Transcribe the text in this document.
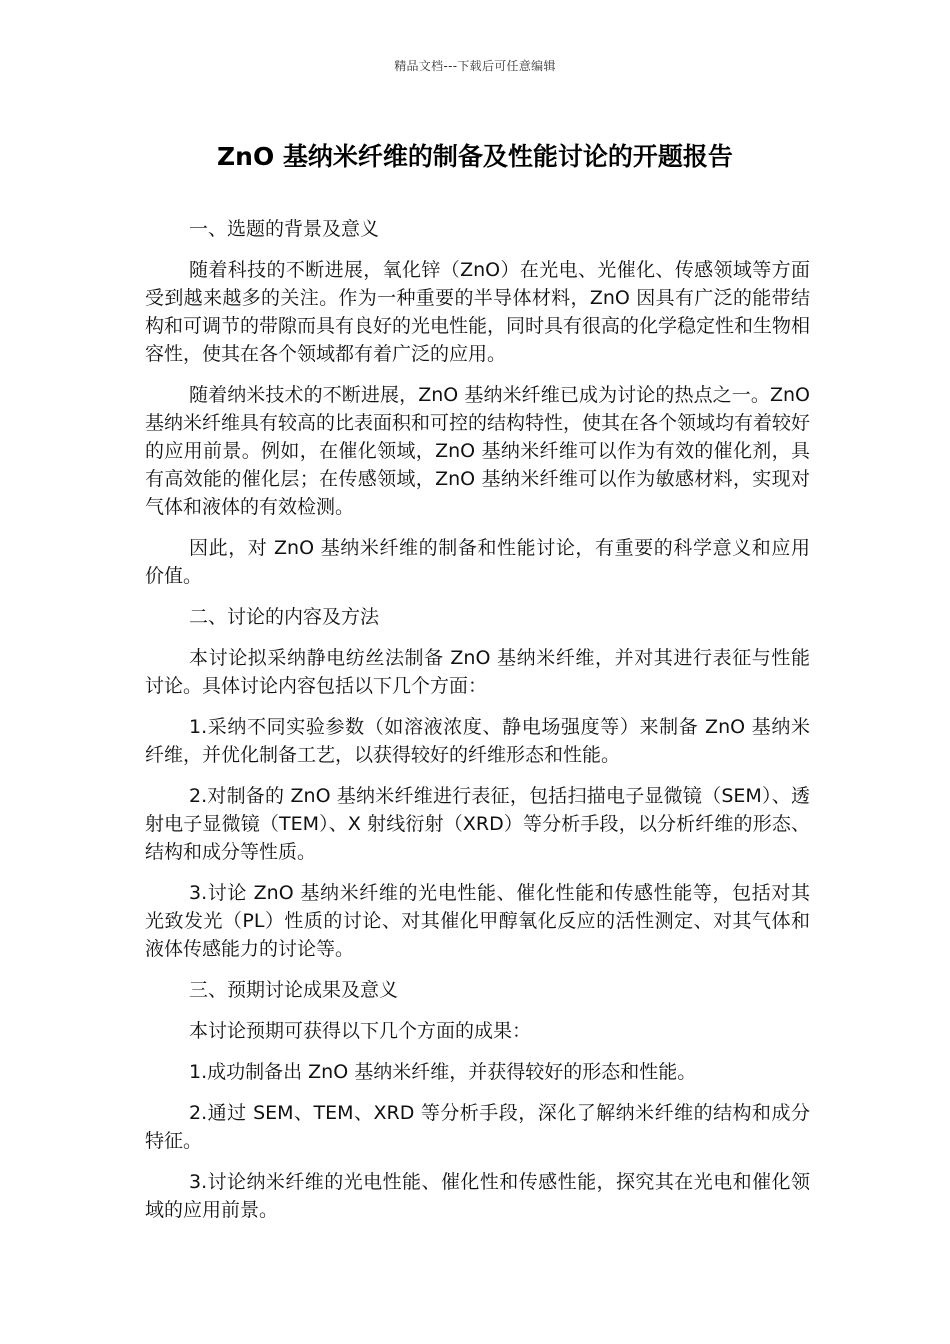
精品文档---下载后可任意编辑
ZnO 基纳米纤维的制备及性能讨论的开题报告
一、选题的背景及意义

随着科技的不断进展，氧化锌（ZnO）在光电、光催化、传感领域等方面受到越来越多的关注。作为一种重要的半导体材料，ZnO 因具有广泛的能带结构和可调节的带隙而具有良好的光电性能，同时具有很高的化学稳定性和生物相容性，使其在各个领域都有着广泛的应用。

随着纳米技术的不断进展，ZnO 基纳米纤维已成为讨论的热点之一。ZnO 基纳米纤维具有较高的比表面积和可控的结构特性，使其在各个领域均有着较好的应用前景。例如，在催化领域，ZnO 基纳米纤维可以作为有效的催化剂，具有高效能的催化层；在传感领域，ZnO 基纳米纤维可以作为敏感材料，实现对气体和液体的有效检测。

因此，对 ZnO 基纳米纤维的制备和性能讨论，有重要的科学意义和应用价值。

二、讨论的内容及方法

本讨论拟采纳静电纺丝法制备 ZnO 基纳米纤维，并对其进行表征与性能讨论。具体讨论内容包括以下几个方面：

1.采纳不同实验参数（如溶液浓度、静电场强度等）来制备 ZnO 基纳米纤维，并优化制备工艺，以获得较好的纤维形态和性能。

2.对制备的 ZnO 基纳米纤维进行表征，包括扫描电子显微镜（SEM）、透射电子显微镜（TEM）、X 射线衍射（XRD）等分析手段，以分析纤维的形态、结构和成分等性质。

3.讨论 ZnO 基纳米纤维的光电性能、催化性能和传感性能等，包括对其光致发光（PL）性质的讨论、对其催化甲醇氧化反应的活性测定、对其气体和液体传感能力的讨论等。

三、预期讨论成果及意义

本讨论预期可获得以下几个方面的成果：

1.成功制备出 ZnO 基纳米纤维，并获得较好的形态和性能。

2.通过 SEM、TEM、XRD 等分析手段，深化了解纳米纤维的结构和成分特征。

3.讨论纳米纤维的光电性能、催化性和传感性能，探究其在光电和催化领域的应用前景。
